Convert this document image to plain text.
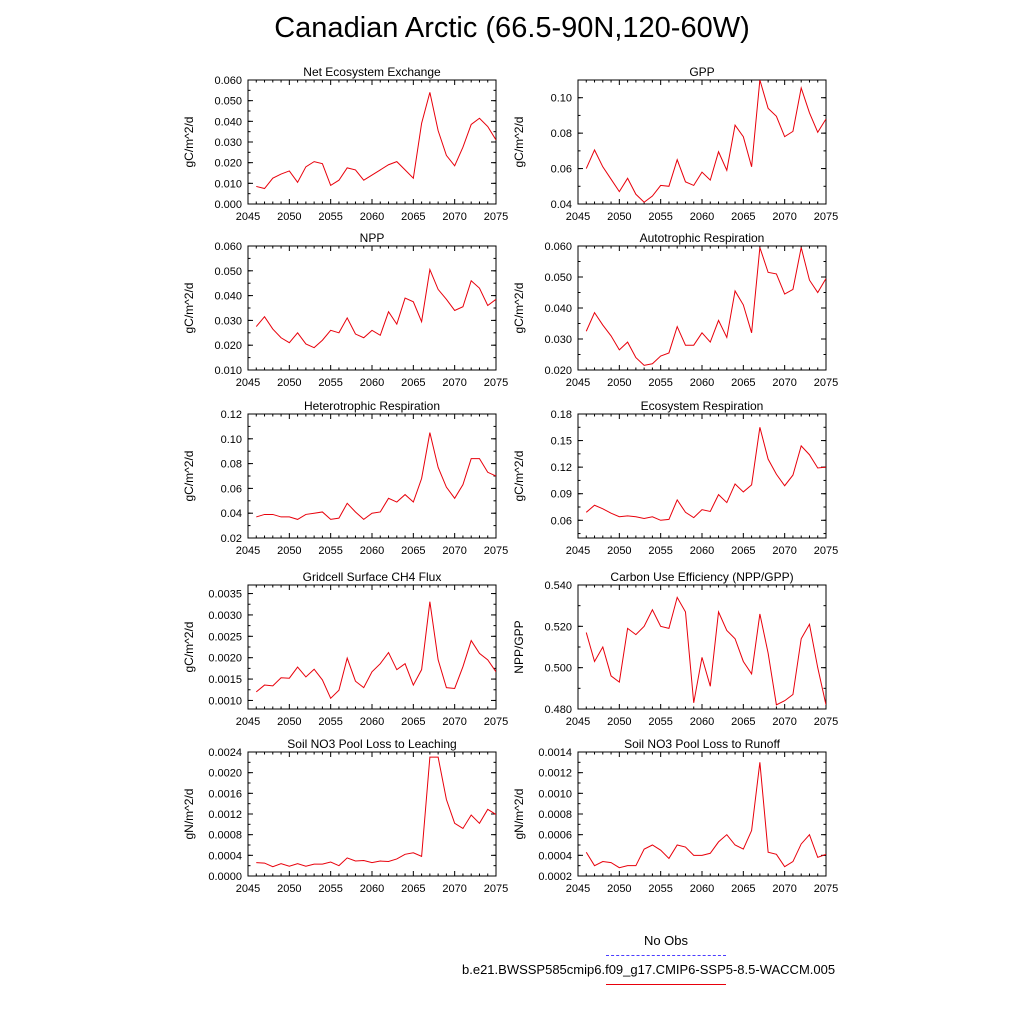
Canadian Arctic (66.5-90N,120-60W)
2045 2050 2055 2060 2065 2070 2075
0.000
0.010
0.020
0.030
0.040
0.050
0.060
Net Ecosystem Exchange
gC/m^2/d
2045 2050 2055 2060 2065 2070 2075
0.04
0.06
0.08
0.10
GPP
gC/m^2/d
2045 2050 2055 2060 2065 2070 2075
0.010
0.020
0.030
0.040
0.050
0.060
NPP
gC/m^2/d
2045 2050 2055 2060 2065 2070 2075
0.020
0.030
0.040
0.050
0.060
Autotrophic Respiration
gC/m^2/d
2045 2050 2055 2060 2065 2070 2075
0.02
0.04
0.06
0.08
0.10
0.12
Heterotrophic Respiration
gC/m^2/d
2045 2050 2055 2060 2065 2070 2075
0.06
0.09
0.12
0.15
0.18
Ecosystem Respiration
gC/m^2/d
2045 2050 2055 2060 2065 2070 2075
0.0010
0.0015
0.0020
0.0025
0.0030
0.0035
Gridcell Surface CH4 Flux
gC/m^2/d
2045 2050 2055 2060 2065 2070 2075
0.480
0.500
0.520
0.540
Carbon Use Efficiency (NPP/GPP)
NPP/GPP
2045 2050 2055 2060 2065 2070 2075
0.0000
0.0004
0.0008
0.0012
0.0016
0.0020
0.0024
Soil NO3 Pool Loss to Leaching
gN/m^2/d
2045 2050 2055 2060 2065 2070 2075
0.0002
0.0004
0.0006
0.0008
0.0010
0.0012
0.0014
Soil NO3 Pool Loss to Runoff
gN/m^2/d
No Obs
b.e21.BWSSP585cmip6.f09_g17.CMIP6-SSP5-8.5-WACCM.005
